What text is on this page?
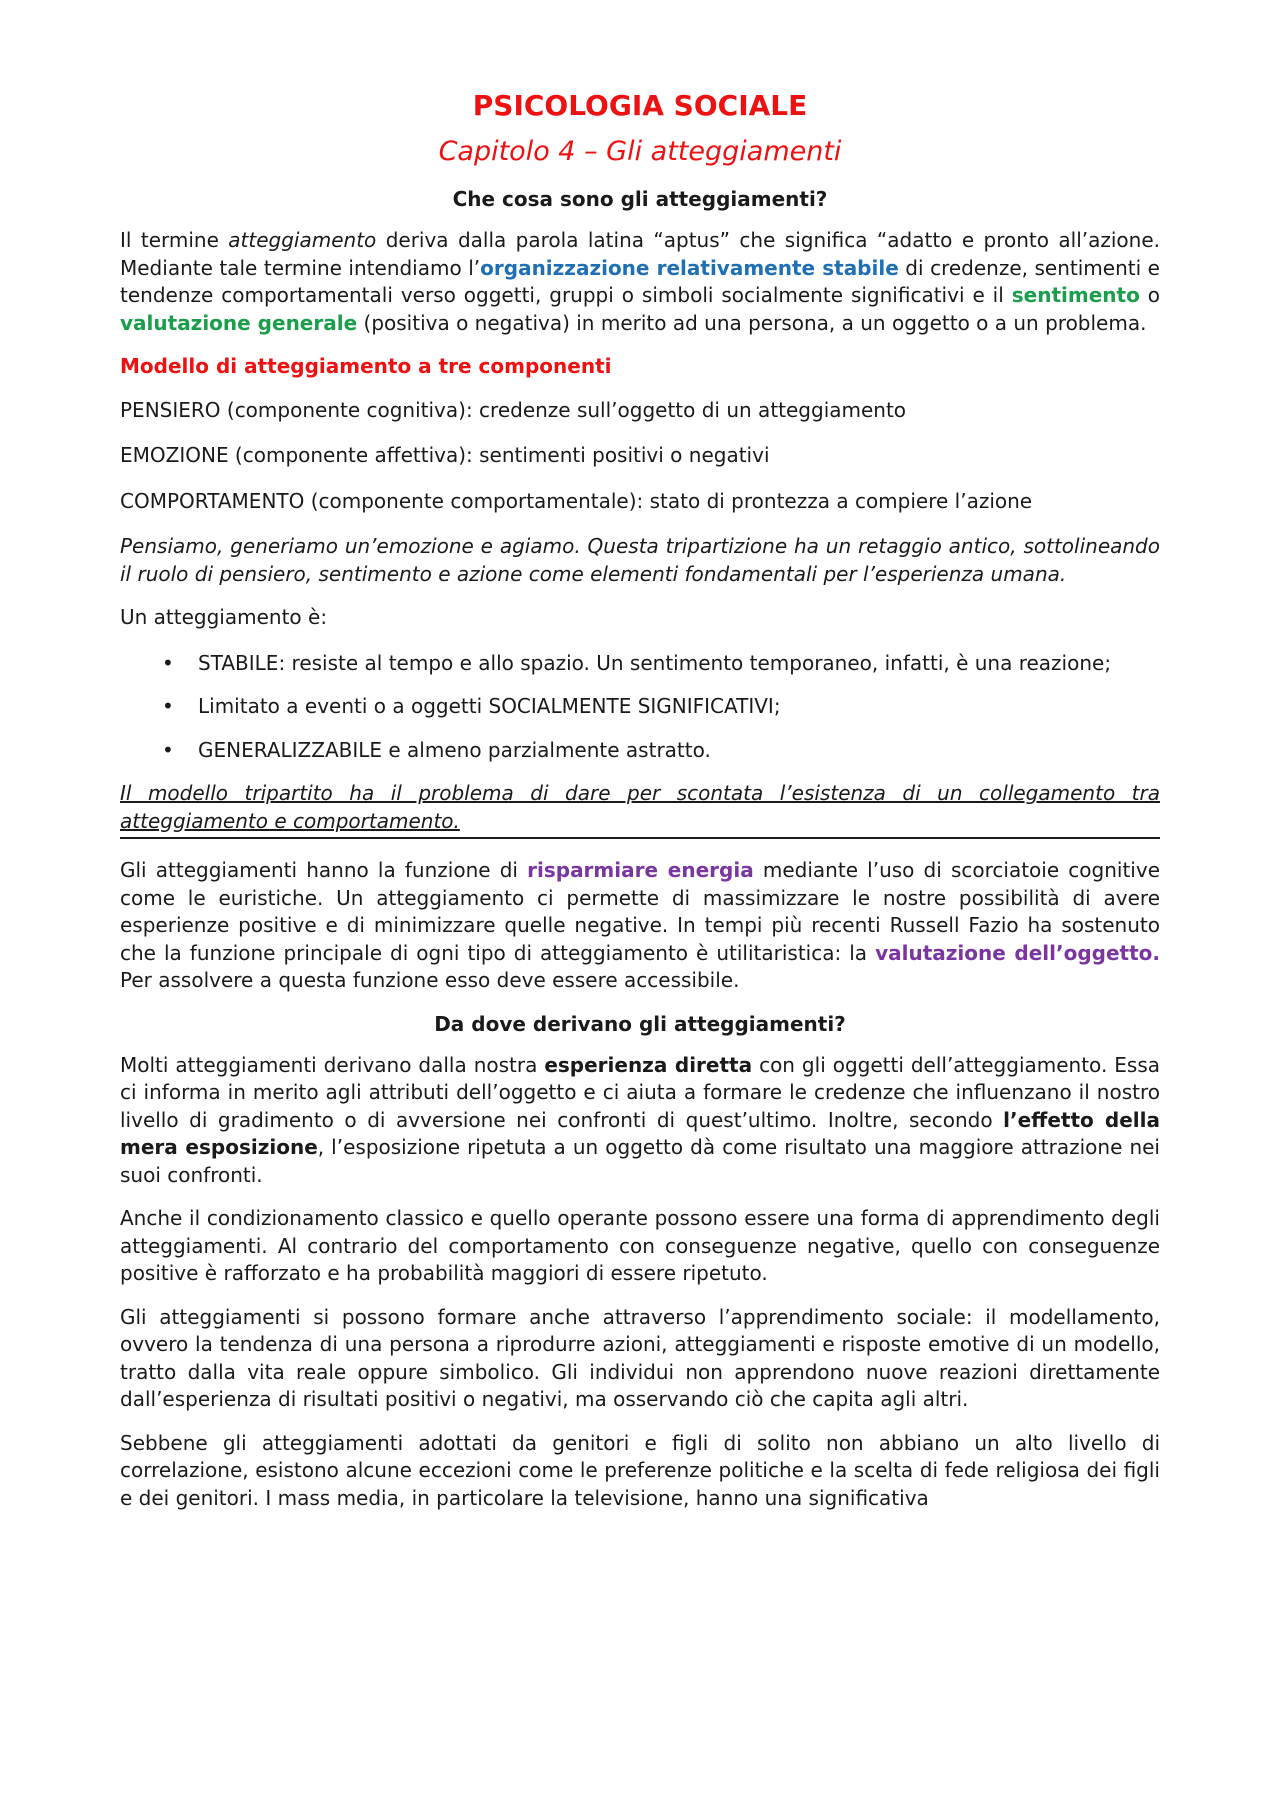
PSICOLOGIA SOCIALE
Capitolo 4 – Gli atteggiamenti
Che cosa sono gli atteggiamenti?
Il termine atteggiamento deriva dalla parola latina “aptus” che significa “adatto e pronto all’azione. Mediante tale termine intendiamo l’organizzazione relativamente stabile di credenze, sentimenti e tendenze comportamentali verso oggetti, gruppi o simboli socialmente significativi e il sentimento o valutazione generale (positiva o negativa) in merito ad una persona, a un oggetto o a un problema.
Modello di atteggiamento a tre componenti
PENSIERO (componente cognitiva): credenze sull’oggetto di un atteggiamento
EMOZIONE (componente affettiva): sentimenti positivi o negativi
COMPORTAMENTO (componente comportamentale): stato di prontezza a compiere l’azione
Pensiamo, generiamo un’emozione e agiamo. Questa tripartizione ha un retaggio antico, sottolineando il ruolo di pensiero, sentimento e azione come elementi fondamentali per l’esperienza umana.
Un atteggiamento è:
• STABILE: resiste al tempo e allo spazio. Un sentimento temporaneo, infatti, è una reazione;
• Limitato a eventi o a oggetti SOCIALMENTE SIGNIFICATIVI;
• GENERALIZZABILE e almeno parzialmente astratto.
Il modello tripartito ha il problema di dare per scontata l’esistenza di un collegamento tra atteggiamento e comportamento.
Gli atteggiamenti hanno la funzione di risparmiare energia mediante l’uso di scorciatoie cognitive come le euristiche. Un atteggiamento ci permette di massimizzare le nostre possibilità di avere esperienze positive e di minimizzare quelle negative. In tempi più recenti Russell Fazio ha sostenuto che la funzione principale di ogni tipo di atteggiamento è utilitaristica: la valutazione dell’oggetto. Per assolvere a questa funzione esso deve essere accessibile.
Da dove derivano gli atteggiamenti?
Molti atteggiamenti derivano dalla nostra esperienza diretta con gli oggetti dell’atteggiamento. Essa ci informa in merito agli attributi dell’oggetto e ci aiuta a formare le credenze che influenzano il nostro livello di gradimento o di avversione nei confronti di quest’ultimo. Inoltre, secondo l’effetto della mera esposizione, l’esposizione ripetuta a un oggetto dà come risultato una maggiore attrazione nei suoi confronti.
Anche il condizionamento classico e quello operante possono essere una forma di apprendimento degli atteggiamenti. Al contrario del comportamento con conseguenze negative, quello con conseguenze positive è rafforzato e ha probabilità maggiori di essere ripetuto.
Gli atteggiamenti si possono formare anche attraverso l’apprendimento sociale: il modellamento, ovvero la tendenza di una persona a riprodurre azioni, atteggiamenti e risposte emotive di un modello, tratto dalla vita reale oppure simbolico. Gli individui non apprendono nuove reazioni direttamente dall’esperienza di risultati positivi o negativi, ma osservando ciò che capita agli altri.
Sebbene gli atteggiamenti adottati da genitori e figli di solito non abbiano un alto livello di correlazione, esistono alcune eccezioni come le preferenze politiche e la scelta di fede religiosa dei figli e dei genitori. I mass media, in particolare la televisione, hanno una significativa
